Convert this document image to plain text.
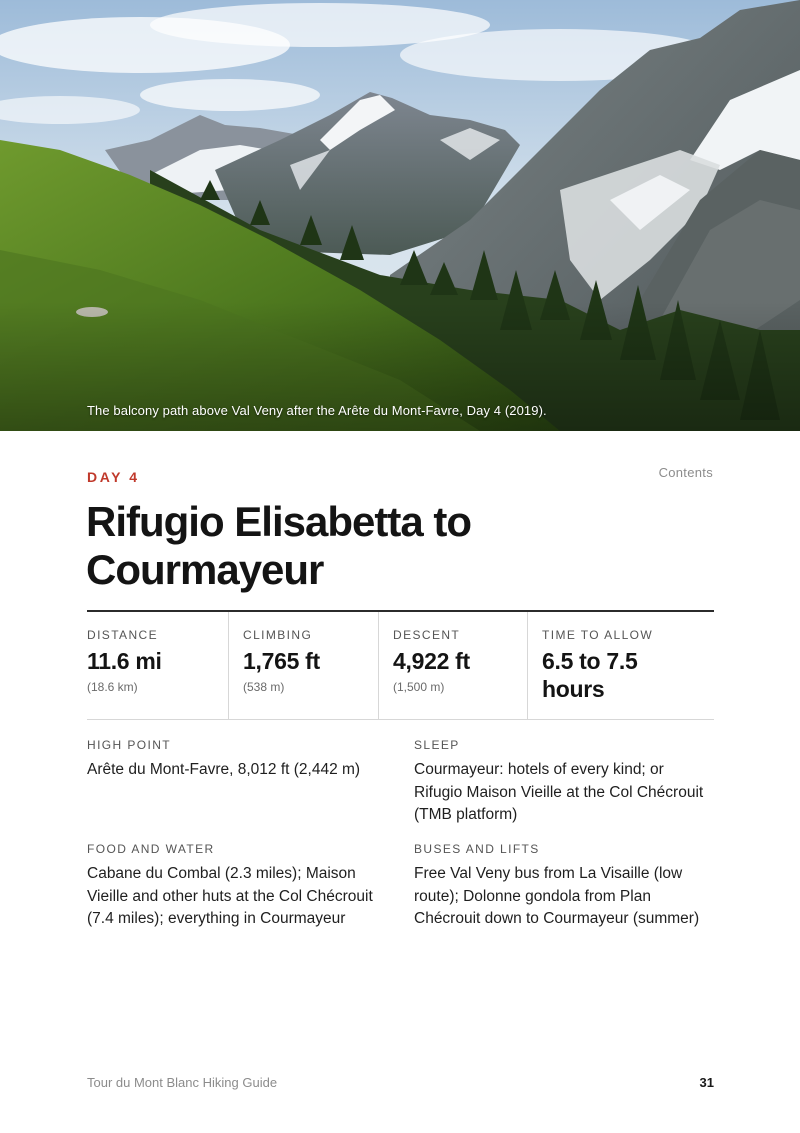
The balcony path above Val Veny after the Arête du Mont-Favre, Day 4 (2019).
DAY 4	Contents
Rifugio Elisabetta to Courmayeur
DISTANCE
11.6 mi
(18.6 km)
CLIMBING
1,765 ft
(538 m)
DESCENT
4,922 ft
(1,500 m)
TIME TO ALLOW
6.5 to 7.5 hours
HIGH POINT
Arête du Mont-Favre, 8,012 ft (2,442 m)
SLEEP
Courmayeur: hotels of every kind; or Rifugio Maison Vieille at the Col Chécrouit (TMB platform)
FOOD AND WATER
Cabane du Combal (2.3 miles); Maison Vieille and other huts at the Col Chécrouit (7.4 miles); everything in Courmayeur
BUSES AND LIFTS
Free Val Veny bus from La Visaille (low route); Dolonne gondola from Plan Chécrouit down to Courmayeur (summer)
Tour du Mont Blanc Hiking Guide	31
